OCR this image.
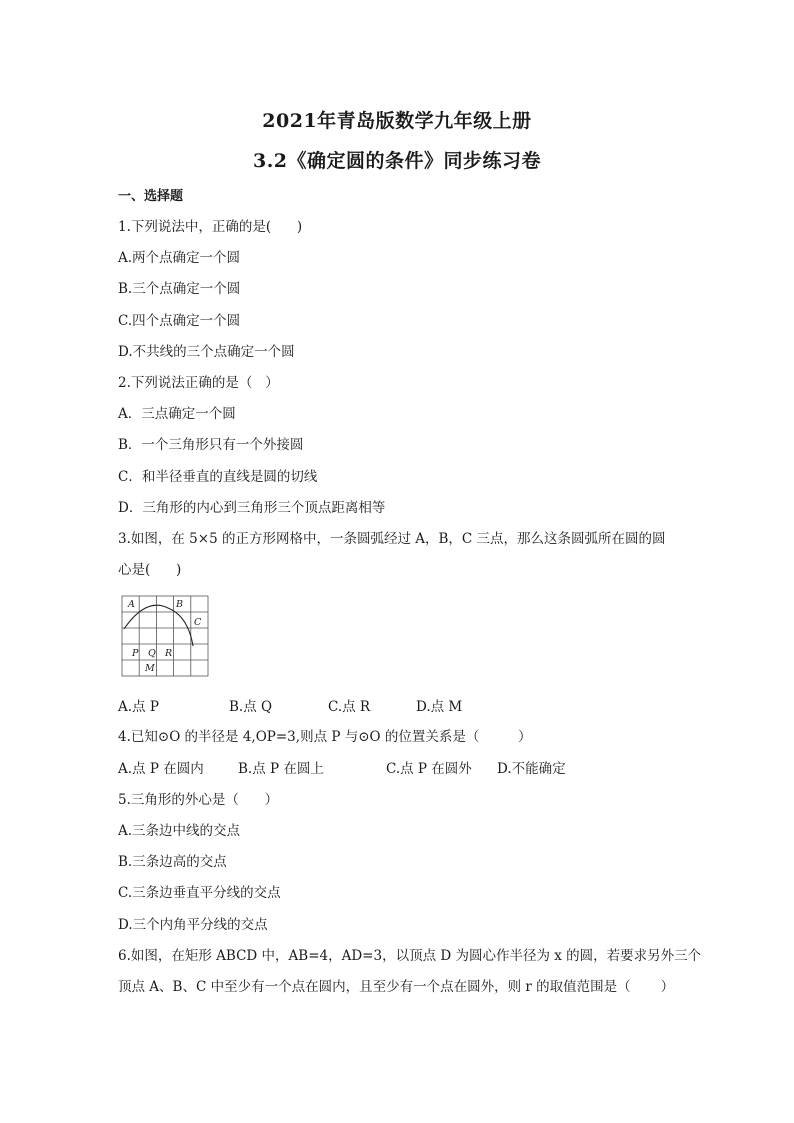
2021年青岛版数学九年级上册
3.2《确定圆的条件》同步练习卷
一、选择题
1.下列说法中，正确的是(      )
A.两个点确定一个圆
B.三个点确定一个圆
C.四个点确定一个圆
D.不共线的三个点确定一个圆
2.下列说法正确的是（   ）
A．三点确定一个圆
B．一个三角形只有一个外接圆
C．和半径垂直的直线是圆的切线
D．三角形的内心到三角形三个顶点距离相等
3.如图，在 5×5 的正方形网格中，一条圆弧经过 A，B，C 三点，那么这条圆弧所在圆的圆
心是(      )
A	B
C
P Q R
M
A.点 P	B.点 Q	C.点 R	D.点 M
4.已知⊙O 的半径是 4,OP=3,则点 P 与⊙O 的位置关系是（         ）
A.点 P 在圆内	B.点 P 在圆上	C.点 P 在圆外 D.不能确定
5.三角形的外心是（      ）
A.三条边中线的交点
B.三条边高的交点
C.三条边垂直平分线的交点
D.三个内角平分线的交点
6.如图，在矩形 ABCD 中，AB=4，AD=3，以顶点 D 为圆心作半径为 x 的圆，若要求另外三个
顶点 A、B、C 中至少有一个点在圆内，且至少有一个点在圆外，则 r 的取值范围是（       ）
